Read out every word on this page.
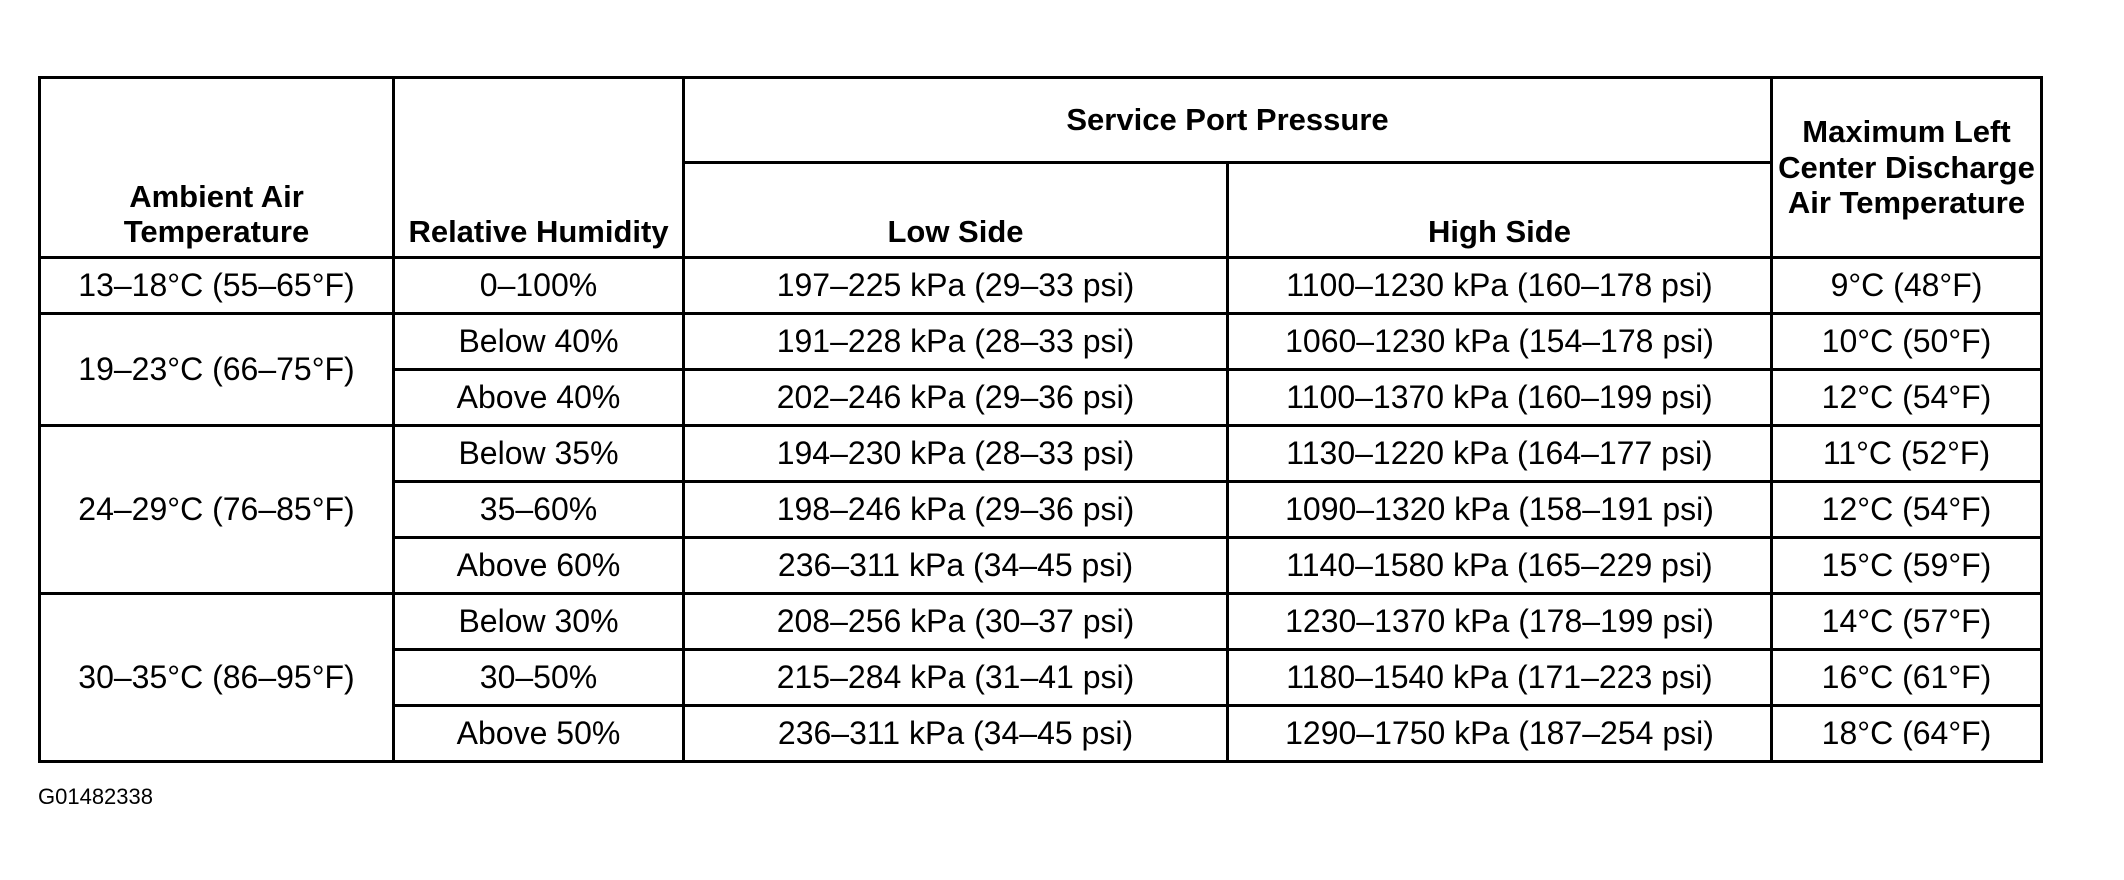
Ambient Air Temperature	Relative Humidity	Service Port Pressure		Maximum Left Center Discharge Air Temperature
		Low Side	High Side	
13–18°C (55–65°F)	0–100%	197–225 kPa (29–33 psi)	1100–1230 kPa (160–178 psi)	9°C (48°F)
19–23°C (66–75°F)	Below 40%	191–228 kPa (28–33 psi)	1060–1230 kPa (154–178 psi)	10°C (50°F)
	Above 40%	202–246 kPa (29–36 psi)	1100–1370 kPa (160–199 psi)	12°C (54°F)
24–29°C (76–85°F)	Below 35%	194–230 kPa (28–33 psi)	1130–1220 kPa (164–177 psi)	11°C (52°F)
	35–60%	198–246 kPa (29–36 psi)	1090–1320 kPa (158–191 psi)	12°C (54°F)
	Above 60%	236–311 kPa (34–45 psi)	1140–1580 kPa (165–229 psi)	15°C (59°F)
30–35°C (86–95°F)	Below 30%	208–256 kPa (30–37 psi)	1230–1370 kPa (178–199 psi)	14°C (57°F)
	30–50%	215–284 kPa (31–41 psi)	1180–1540 kPa (171–223 psi)	16°C (61°F)
	Above 50%	236–311 kPa (34–45 psi)	1290–1750 kPa (187–254 psi)	18°C (64°F)
G01482338
